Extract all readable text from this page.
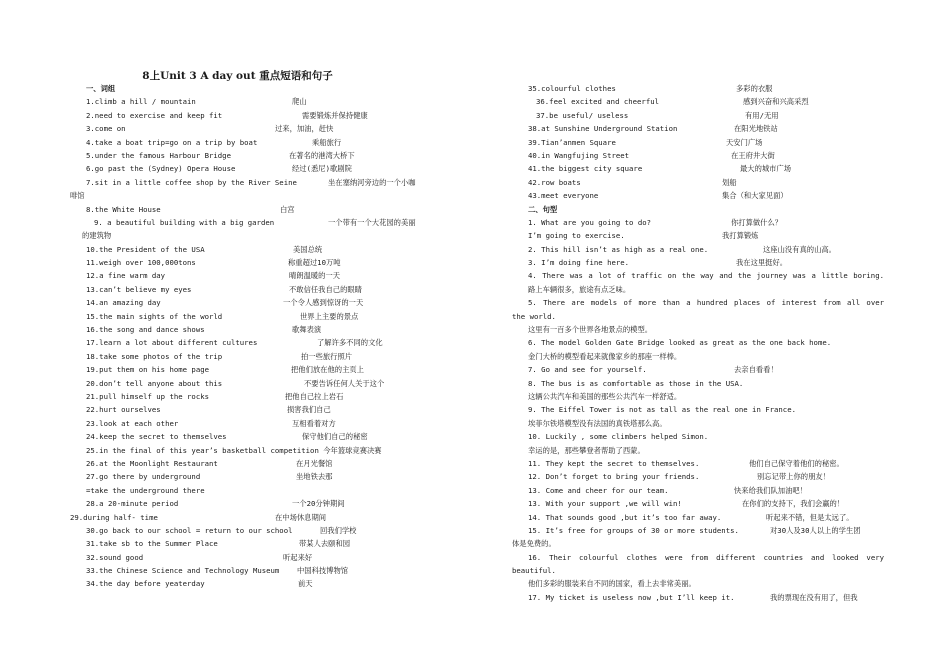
8上Unit 3 A day out 重点短语和句子
一、词组
1.climb a hill / mountain	爬山
2.need to exercise and keep fit	需要锻炼并保持健康
3.come on	过来，加油，赶快
4.take a boat trip=go on a trip by boat	乘船旅行
5.under the famous Harbour Bridge	在著名的港湾大桥下
6.go past the (Sydney) Opera House	经过(悉尼)歌剧院
7.sit in a little coffee shop by the River Seine	坐在塞纳河旁边的一个小咖
啡馆
8.the White House	白宫
9. a beautiful building with a big garden	一个带有一个大花园的美丽
的建筑物
10.the President of the USA	美国总统
11.weigh over 100,000tons	称重超过10万吨
12.a fine warm day	晴朗温暖的一天
13.can’t believe my eyes	不敢信任我自己的眼睛
14.an amazing day	一个令人感到惊讶的一天
15.the main sights of the world	世界上主要的景点
16.the song and dance shows	歌舞表演
17.learn a lot about different cultures	了解许多不同的文化
18.take some photos of the trip	拍一些旅行照片
19.put them on his home page	把他们放在他的主页上
20.don’t tell anyone about this	不要告诉任何人关于这个
21.pull himself up the rocks	把他自己拉上岩石
22.hurt ourselves	损害我们自己
23.look at each other	互相看着对方
24.keep the secret to themselves	保守他们自己的秘密
25.in the final of this year’s basketball competition 今年篮球竞赛决赛
26.at the Moonlight Restaurant	在月光餐馆
27.go there by underground	坐地铁去那
=take the underground there
28.a 20-minute period	一个20分钟期间
29.during half- time	在中场休息期间
30.go back to our school = return to our school	回我们学校
31.take sb to the Summer Place	带某人去颐和园
32.sound good	听起来好
33.the Chinese Science and Technology Museum 中国科技博物馆
34.the day before yeaterday	前天
35.colourful clothes	多彩的衣服
36.feel excited and cheerful	感到兴奋和兴高采烈
37.be useful/ useless	有用/无用
38.at Sunshine Underground Station	在阳光地铁站
39.Tian’anmen Square	天安门广场
40.in Wangfujing Street	在王府井大街
41.the biggest city square	最大的城市广场
42.row boats	划船
43.meet everyone	集合（和大家见面）
二、句型
1. What are you going to do?	你打算做什么？
I’m going to exercise.	我打算锻炼
2. This hill isn’t as high as a real one.	这座山没有真的山高。
3. I’m doing fine here.	我在这里挺好。
4. There was a lot of traffic on the way and the journey was a little boring.
路上车辆很多，旅途有点乏味。
5. There are models of more than a hundred places of interest from all over
the world.
这里有一百多个世界各地景点的模型。
6. The model Golden Gate Bridge looked as great as the one back home.
金门大桥的模型看起来就像家乡的那座一样棒。
7. Go and see for yourself.	去亲自看看！
8. The bus is as comfortable as those in the USA.
这辆公共汽车和美国的那些公共汽车一样舒适。
9. The Eiffel Tower is not as tall as the real one in France.
埃菲尔铁塔模型没有法国的真铁塔那么高。
10. Luckily , some climbers helped Simon.
幸运的是，那些攀登者帮助了西蒙。
11. They kept the secret to themselves.	他们自己保守着他们的秘密。
12. Don’t forget to bring your friends.	别忘记带上你的朋友！
13. Come and cheer for our team.	快来给我们队加油吧！
13. With your support ,we will win!	在你们的支持下，我们会赢的！
14. That sounds good ,but it’s too far away.	听起来不错，但是太远了。
15. It’s free for groups of 30 or more students.	对30人及30人以上的学生团
体是免费的。
16. Their colourful clothes were from different countries and looked very
beautiful.
他们多彩的服装来自不同的国家，看上去非常美丽。
17. My ticket is useless now ,but I’ll keep it.	我的票现在没有用了，但我
